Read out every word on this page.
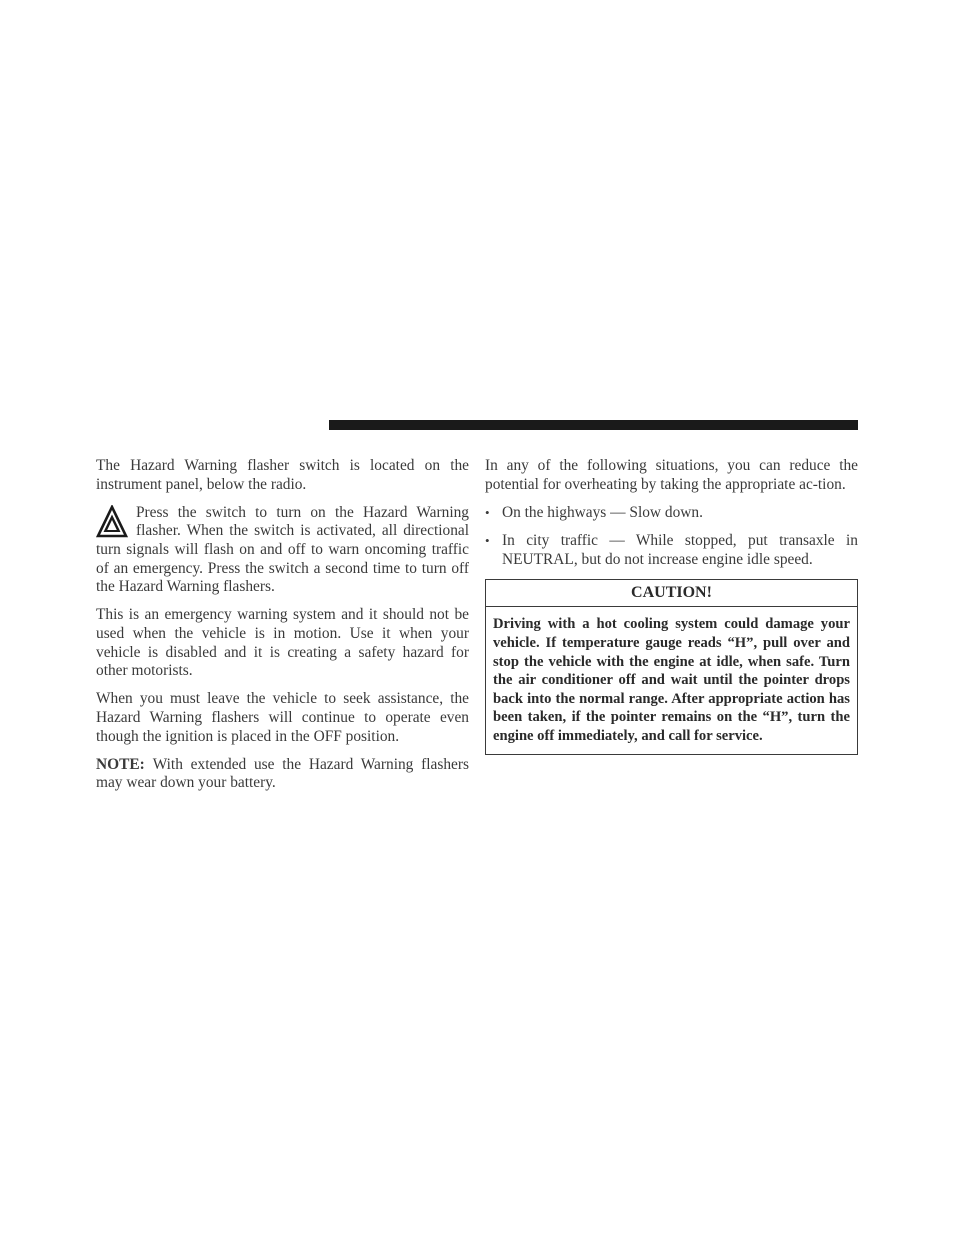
The Hazard Warning flasher switch is located on the instrument panel, below the radio.

Press the switch to turn on the Hazard Warning flasher. When the switch is activated, all directional turn signals will flash on and off to warn oncoming traffic of an emergency. Press the switch a second time to turn off the Hazard Warning flashers.

This is an emergency warning system and it should not be used when the vehicle is in motion. Use it when your vehicle is disabled and it is creating a safety hazard for other motorists.

When you must leave the vehicle to seek assistance, the Hazard Warning flashers will continue to operate even though the ignition is placed in the OFF position.

NOTE: With extended use the Hazard Warning flashers may wear down your battery.

In any of the following situations, you can reduce the potential for overheating by taking the appropriate ac-tion.

• On the highways — Slow down.
• In city traffic — While stopped, put transaxle in NEUTRAL, but do not increase engine idle speed.
CAUTION!
Driving with a hot cooling system could damage your vehicle. If temperature gauge reads “H”, pull over and stop the vehicle with the engine at idle, when safe. Turn the air conditioner off and wait until the pointer drops back into the normal range. After appropriate action has been taken, if the pointer remains on the “H”, turn the engine off immediately, and call for service.
